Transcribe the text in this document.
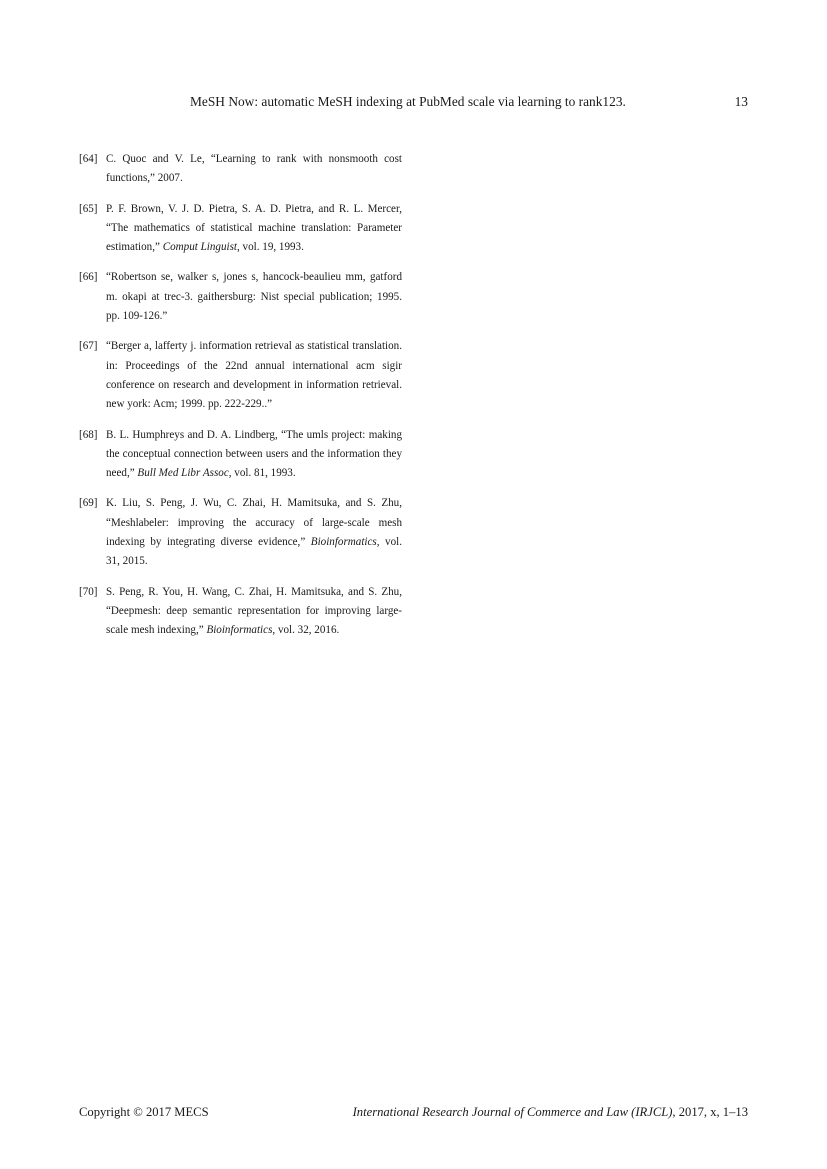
MeSH Now: automatic MeSH indexing at PubMed scale via learning to rank123.	13
[64] C. Quoc and V. Le, “Learning to rank with nonsmooth cost functions,” 2007.
[65] P. F. Brown, V. J. D. Pietra, S. A. D. Pietra, and R. L. Mercer, “The mathematics of statistical machine translation: Parameter estimation,” Comput Linguist, vol. 19, 1993.
[66] “Robertson se, walker s, jones s, hancock-beaulieu mm, gatford m. okapi at trec-3. gaithersburg: Nist special publication; 1995. pp. 109-126.”
[67] “Berger a, lafferty j. information retrieval as statistical translation. in: Proceedings of the 22nd annual international acm sigir conference on research and development in information retrieval. new york: Acm; 1999. pp. 222-229..”
[68] B. L. Humphreys and D. A. Lindberg, “The umls project: making the conceptual connection between users and the information they need,” Bull Med Libr Assoc, vol. 81, 1993.
[69] K. Liu, S. Peng, J. Wu, C. Zhai, H. Mamitsuka, and S. Zhu, “Meshlabeler: improving the accuracy of large-scale mesh indexing by integrating diverse evidence,” Bioinformatics, vol. 31, 2015.
[70] S. Peng, R. You, H. Wang, C. Zhai, H. Mamitsuka, and S. Zhu, “Deepmesh: deep semantic representation for improving large-scale mesh indexing,” Bioinformatics, vol. 32, 2016.
Copyright © 2017 MECS	International Research Journal of Commerce and Law (IRJCL), 2017, x, 1–13
